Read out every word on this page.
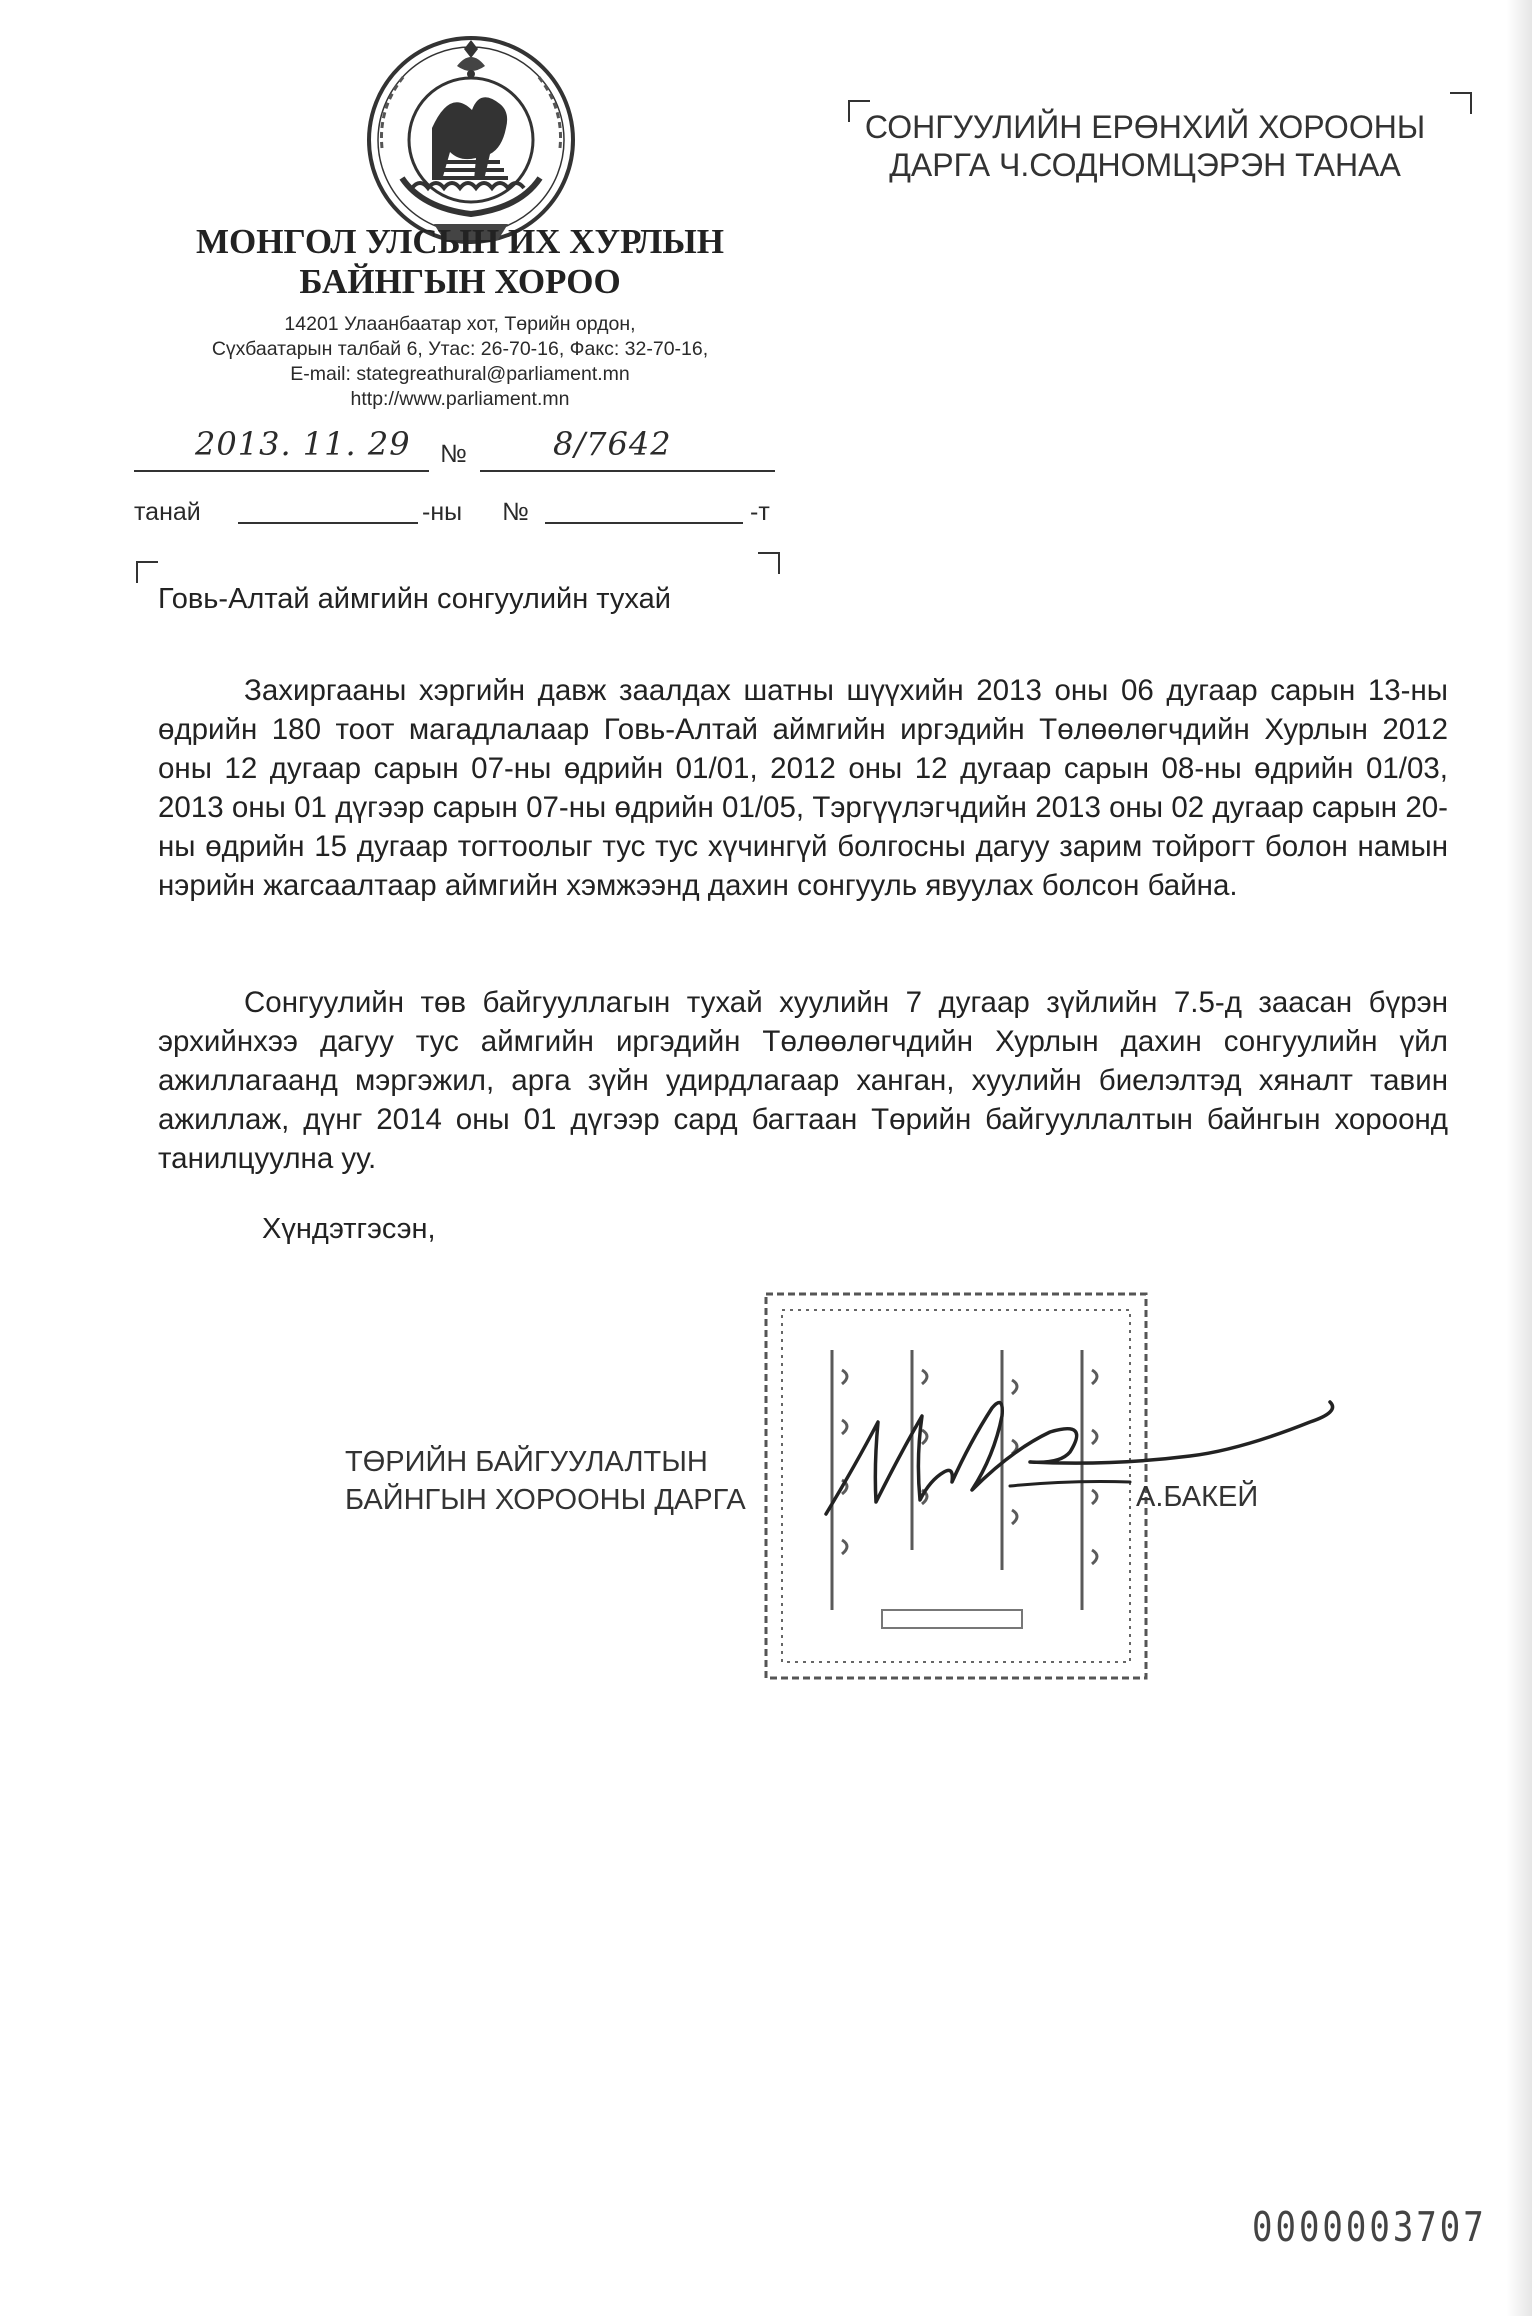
МОНГОЛ УЛСЫН ИХ ХУРЛЫН
БАЙНГЫН ХОРОО
14201 Улаанбаатар хот, Төрийн ордон,
Сүхбаатарын талбай 6, Утас: 26-70-16, Факс: 32-70-16,
E-mail: stategreathural@parliament.mn
http://www.parliament.mn
СОНГУУЛИЙН ЕРӨНХИЙ ХОРООНЫ
ДАРГА Ч.СОДНОМЦЭРЭН ТАНАА
2013. 11. 29 №	8/7642
танай	-ны №	-т
Говь-Алтай аймгийн сонгуулийн тухай

Захиргааны хэргийн давж заалдах шатны шүүхийн 2013 оны 06 дугаар сарын 13-ны өдрийн 180 тоот магадлалаар Говь-Алтай аймгийн иргэдийн Төлөөлөгчдийн Хурлын 2012 оны 12 дугаар сарын 07-ны өдрийн 01/01, 2012 оны 12 дугаар сарын 08-ны өдрийн 01/03, 2013 оны 01 дүгээр сарын 07-ны өдрийн 01/05, Тэргүүлэгчдийн 2013 оны 02 дугаар сарын 20-ны өдрийн 15 дугаар тогтоолыг тус тус хүчингүй болгосны дагуу зарим тойрогт болон намын нэрийн жагсаалтаар аймгийн хэмжээнд дахин сонгууль явуулах болсон байна.

Сонгуулийн төв байгууллагын тухай хуулийн 7 дугаар зүйлийн 7.5-д заасан бүрэн эрхийнхээ дагуу тус аймгийн иргэдийн Төлөөлөгчдийн Хурлын дахин сонгуулийн үйл ажиллагаанд мэргэжил, арга зүйн удирдлагаар ханган, хуулийн биелэлтэд хяналт тавин ажиллаж, дүнг 2014 оны 01 дүгээр сард багтаан Төрийн байгууллалтын байнгын хороонд танилцуулна уу.

Хүндэтгэсэн,
ТӨРИЙН БАЙГУУЛАЛТЫН
БАЙНГЫН ХОРООНЫ ДАРГА	А.БАКЕЙ
0000003707
